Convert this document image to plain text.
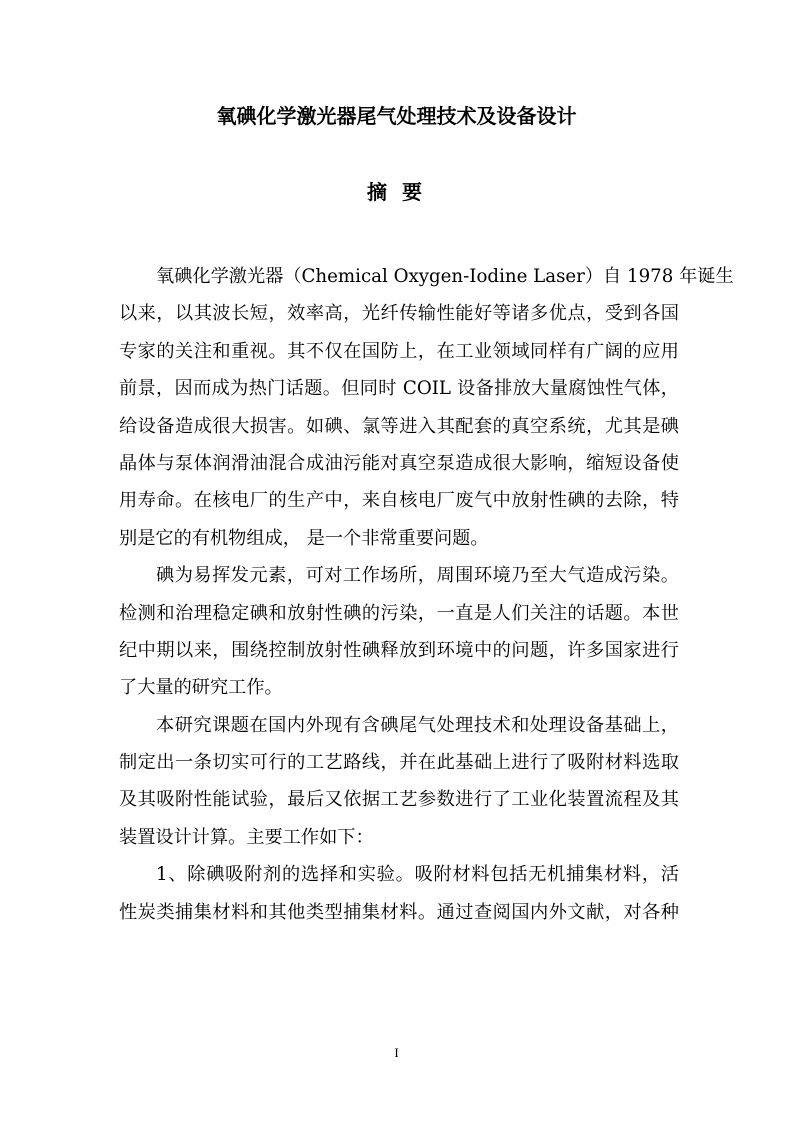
氧碘化学激光器尾气处理技术及设备设计
摘 要
氧碘化学激光器（Chemical Oxygen-Iodine Laser）自 1978 年诞生
以来，以其波长短，效率高，光纤传输性能好等诸多优点，受到各国
专家的关注和重视。其不仅在国防上，在工业领域同样有广阔的应用
前景，因而成为热门话题。但同时 COIL 设备排放大量腐蚀性气体，
给设备造成很大损害。如碘、氯等进入其配套的真空系统，尤其是碘
晶体与泵体润滑油混合成油污能对真空泵造成很大影响，缩短设备使
用寿命。在核电厂的生产中，来自核电厂废气中放射性碘的去除，特
别是它的有机物组成， 是一个非常重要问题。
碘为易挥发元素，可对工作场所，周围环境乃至大气造成污染。
检测和治理稳定碘和放射性碘的污染，一直是人们关注的话题。本世
纪中期以来，围绕控制放射性碘释放到环境中的问题，许多国家进行
了大量的研究工作。
本研究课题在国内外现有含碘尾气处理技术和处理设备基础上，
制定出一条切实可行的工艺路线，并在此基础上进行了吸附材料选取
及其吸附性能试验，最后又依据工艺参数进行了工业化装置流程及其
装置设计计算。主要工作如下：
1、除碘吸附剂的选择和实验。吸附材料包括无机捕集材料，活
性炭类捕集材料和其他类型捕集材料。通过查阅国内外文献，对各种
I
